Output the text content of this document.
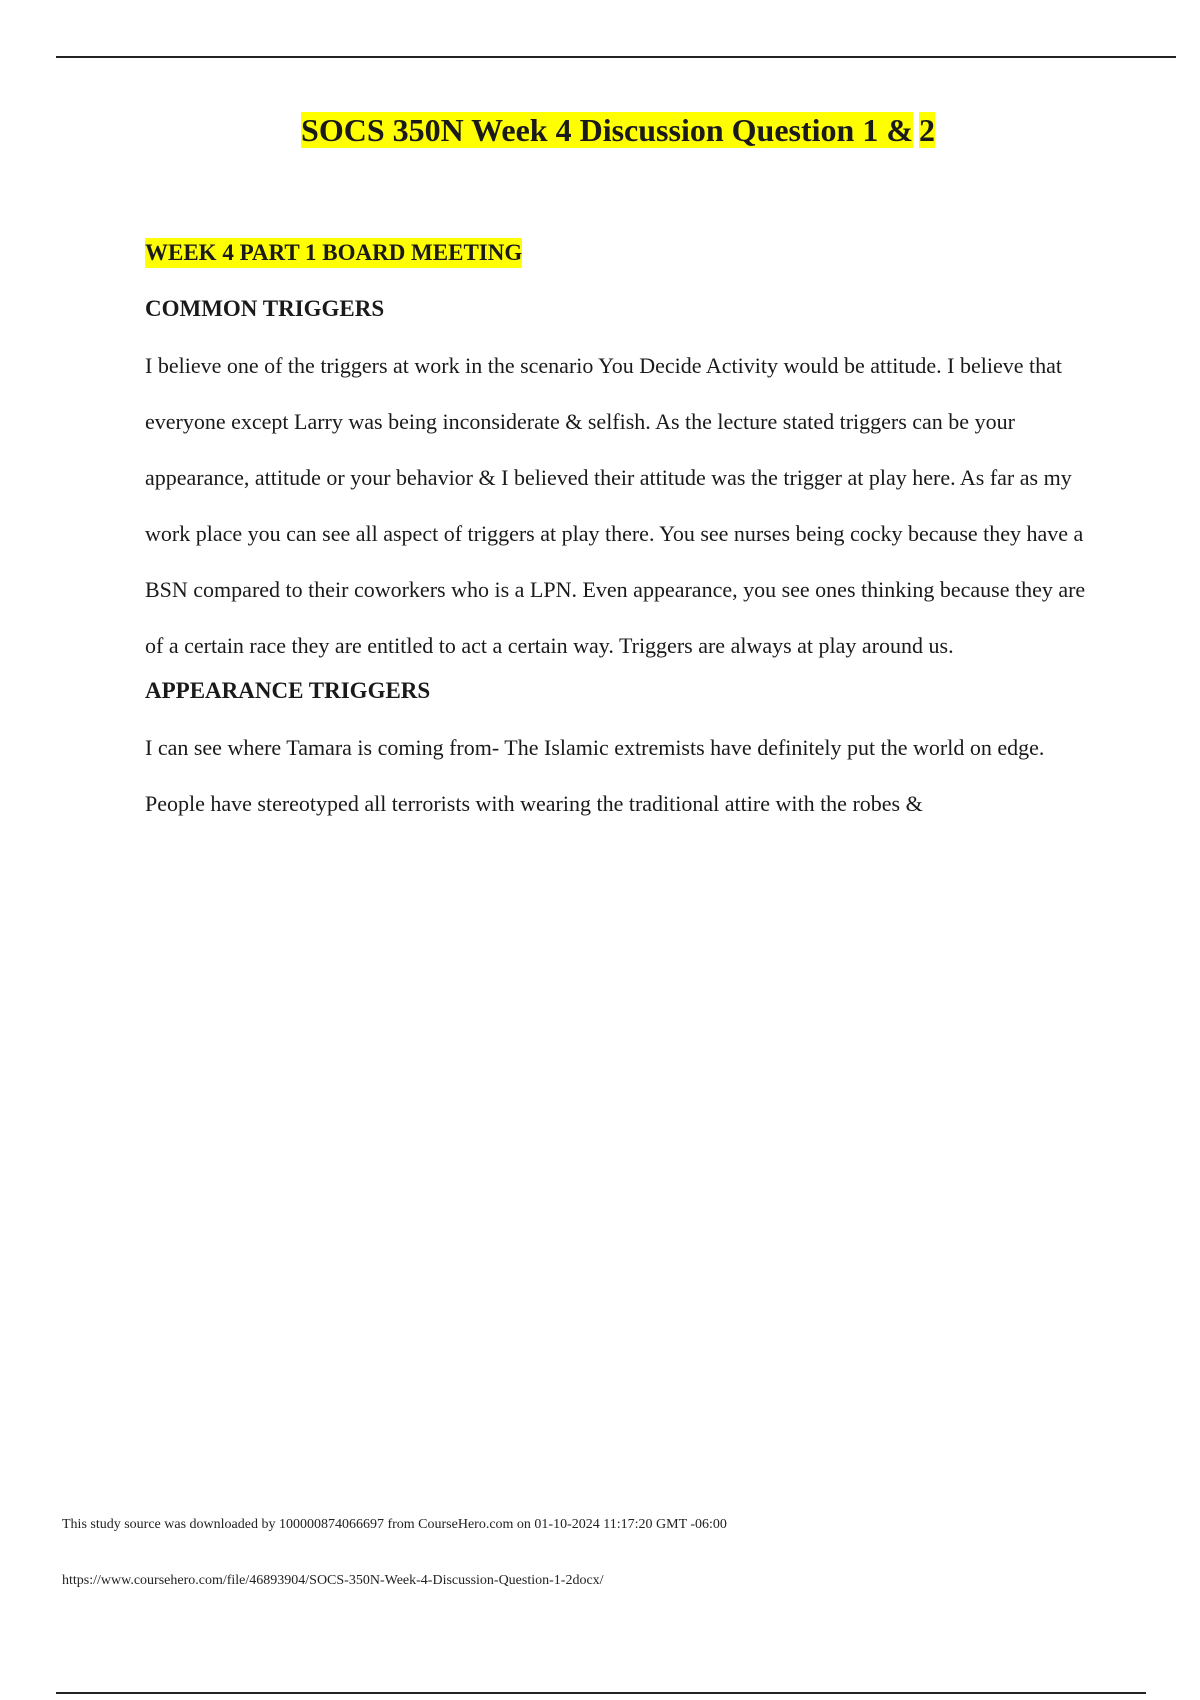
SOCS 350N Week 4 Discussion Question 1 & 2

WEEK 4 PART 1 BOARD MEETING

COMMON TRIGGERS

I believe one of the triggers at work in the scenario You Decide Activity would be attitude. I believe that everyone except Larry was being inconsiderate & selfish. As the lecture stated triggers can be your appearance, attitude or your behavior & I believed their attitude was the trigger at play here. As far as my work place you can see all aspect of triggers at play there. You see nurses being cocky because they have a BSN compared to their coworkers who is a LPN. Even appearance, you see ones thinking because they are of a certain race they are entitled to act a certain way. Triggers are always at play around us.

APPEARANCE TRIGGERS

I can see where Tamara is coming from- The Islamic extremists have definitely put the world on edge. People have stereotyped all terrorists with wearing the traditional attire with the robes &

This study source was downloaded by 100000874066697 from CourseHero.com on 01-10-2024 11:17:20 GMT -06:00
https://www.coursehero.com/file/46893904/SOCS-350N-Week-4-Discussion-Question-1-2docx/
